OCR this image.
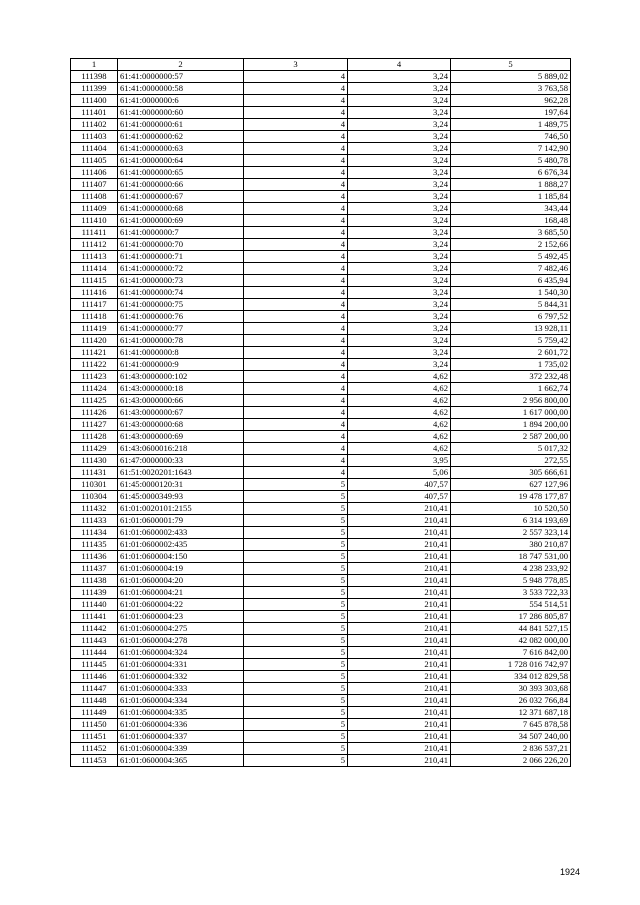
1	2	3	4	5
111398	61:41:0000000:57	4	3,24	5 889,02
111399	61:41:0000000:58	4	3,24	3 763,58
111400	61:41:0000000:6	4	3,24	962,28
111401	61:41:0000000:60	4	3,24	197,64
111402	61:41:0000000:61	4	3,24	1 489,75
111403	61:41:0000000:62	4	3,24	746,50
111404	61:41:0000000:63	4	3,24	7 142,90
111405	61:41:0000000:64	4	3,24	5 480,78
111406	61:41:0000000:65	4	3,24	6 676,34
111407	61:41:0000000:66	4	3,24	1 888,27
111408	61:41:0000000:67	4	3,24	1 185,84
111409	61:41:0000000:68	4	3,24	343,44
111410	61:41:0000000:69	4	3,24	168,48
111411	61:41:0000000:7	4	3,24	3 685,50
111412	61:41:0000000:70	4	3,24	2 152,66
111413	61:41:0000000:71	4	3,24	5 492,45
111414	61:41:0000000:72	4	3,24	7 482,46
111415	61:41:0000000:73	4	3,24	6 435,94
111416	61:41:0000000:74	4	3,24	1 540,30
111417	61:41:0000000:75	4	3,24	5 844,31
111418	61:41:0000000:76	4	3,24	6 797,52
111419	61:41:0000000:77	4	3,24	13 928,11
111420	61:41:0000000:78	4	3,24	5 759,42
111421	61:41:0000000:8	4	3,24	2 601,72
111422	61:41:0000000:9	4	3,24	1 735,02
111423	61:43:0000000:102	4	4,62	372 232,48
111424	61:43:0000000:18	4	4,62	1 662,74
111425	61:43:0000000:66	4	4,62	2 956 800,00
111426	61:43:0000000:67	4	4,62	1 617 000,00
111427	61:43:0000000:68	4	4,62	1 894 200,00
111428	61:43:0000000:69	4	4,62	2 587 200,00
111429	61:43:0600016:218	4	4,62	5 017,32
111430	61:47:0000000:33	4	3,95	272,55
111431	61:51:0020201:1643	4	5,06	305 666,61
110301	61:45:0000120:31	5	407,57	627 127,96
110304	61:45:0000349:93	5	407,57	19 478 177,87
111432	61:01:0020101:2155	5	210,41	10 520,50
111433	61:01:0600001:79	5	210,41	6 314 193,69
111434	61:01:0600002:433	5	210,41	2 557 323,14
111435	61:01:0600002:435	5	210,41	380 210,87
111436	61:01:0600004:150	5	210,41	18 747 531,00
111437	61:01:0600004:19	5	210,41	4 238 233,92
111438	61:01:0600004:20	5	210,41	5 948 778,85
111439	61:01:0600004:21	5	210,41	3 533 722,33
111440	61:01:0600004:22	5	210,41	554 514,51
111441	61:01:0600004:23	5	210,41	17 286 805,87
111442	61:01:0600004:275	5	210,41	44 841 527,15
111443	61:01:0600004:278	5	210,41	42 082 000,00
111444	61:01:0600004:324	5	210,41	7 616 842,00
111445	61:01:0600004:331	5	210,41	1 728 016 742,97
111446	61:01:0600004:332	5	210,41	334 012 829,58
111447	61:01:0600004:333	5	210,41	30 393 303,68
111448	61:01:0600004:334	5	210,41	26 032 766,84
111449	61:01:0600004:335	5	210,41	12 371 687,18
111450	61:01:0600004:336	5	210,41	7 645 878,58
111451	61:01:0600004:337	5	210,41	34 507 240,00
111452	61:01:0600004:339	5	210,41	2 836 537,21
111453	61:01:0600004:365	5	210,41	2 066 226,20
1924
